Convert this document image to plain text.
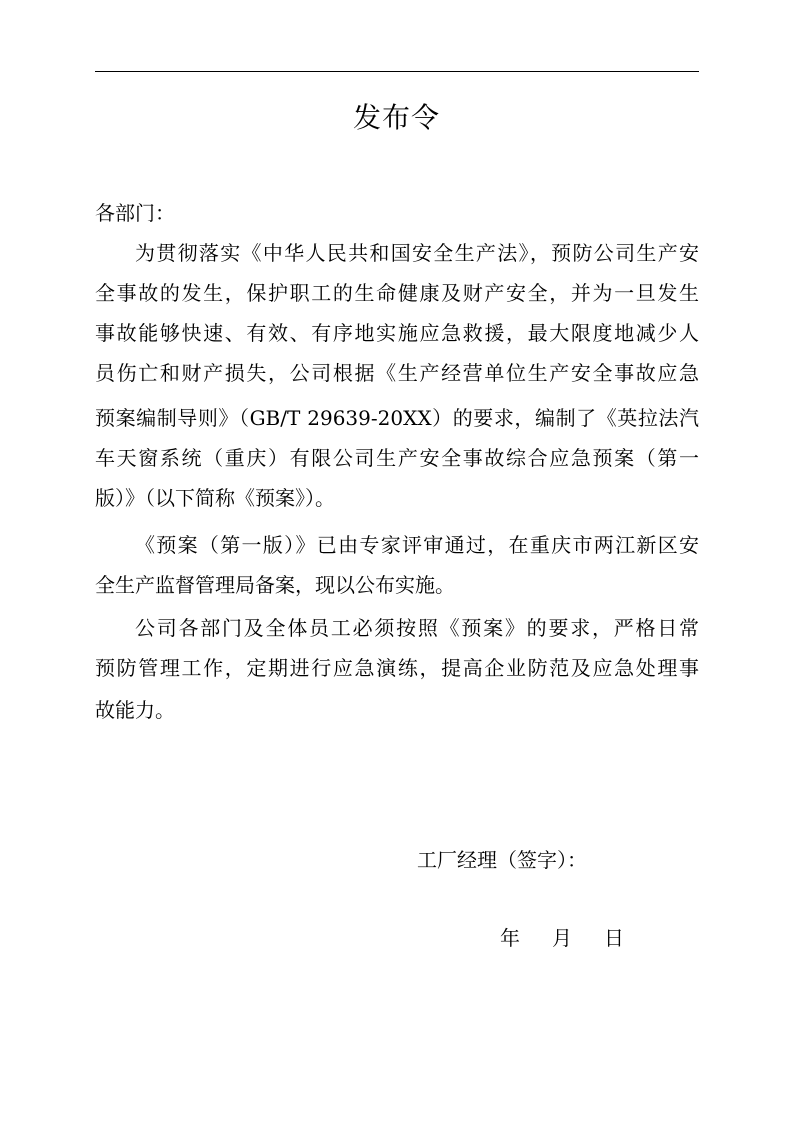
发布令
各部门：
为贯彻落实《中华人民共和国安全生产法》，预防公司生产安
全事故的发生，保护职工的生命健康及财产安全，并为一旦发生
事故能够快速、有效、有序地实施应急救援，最大限度地减少人
员伤亡和财产损失，公司根据《生产经营单位生产安全事故应急
预案编制导则》（GB/T 29639-20XX）的要求，编制了《英拉法汽
车天窗系统（重庆）有限公司生产安全事故综合应急预案（第一
版）》（以下简称《预案》）。
《预案（第一版）》已由专家评审通过，在重庆市两江新区安
全生产监督管理局备案，现以公布实施。
公司各部门及全体员工必须按照《预案》的要求，严格日常
预防管理工作，定期进行应急演练，提高企业防范及应急处理事
故能力。
工厂经理（签字）：
年 月 日
